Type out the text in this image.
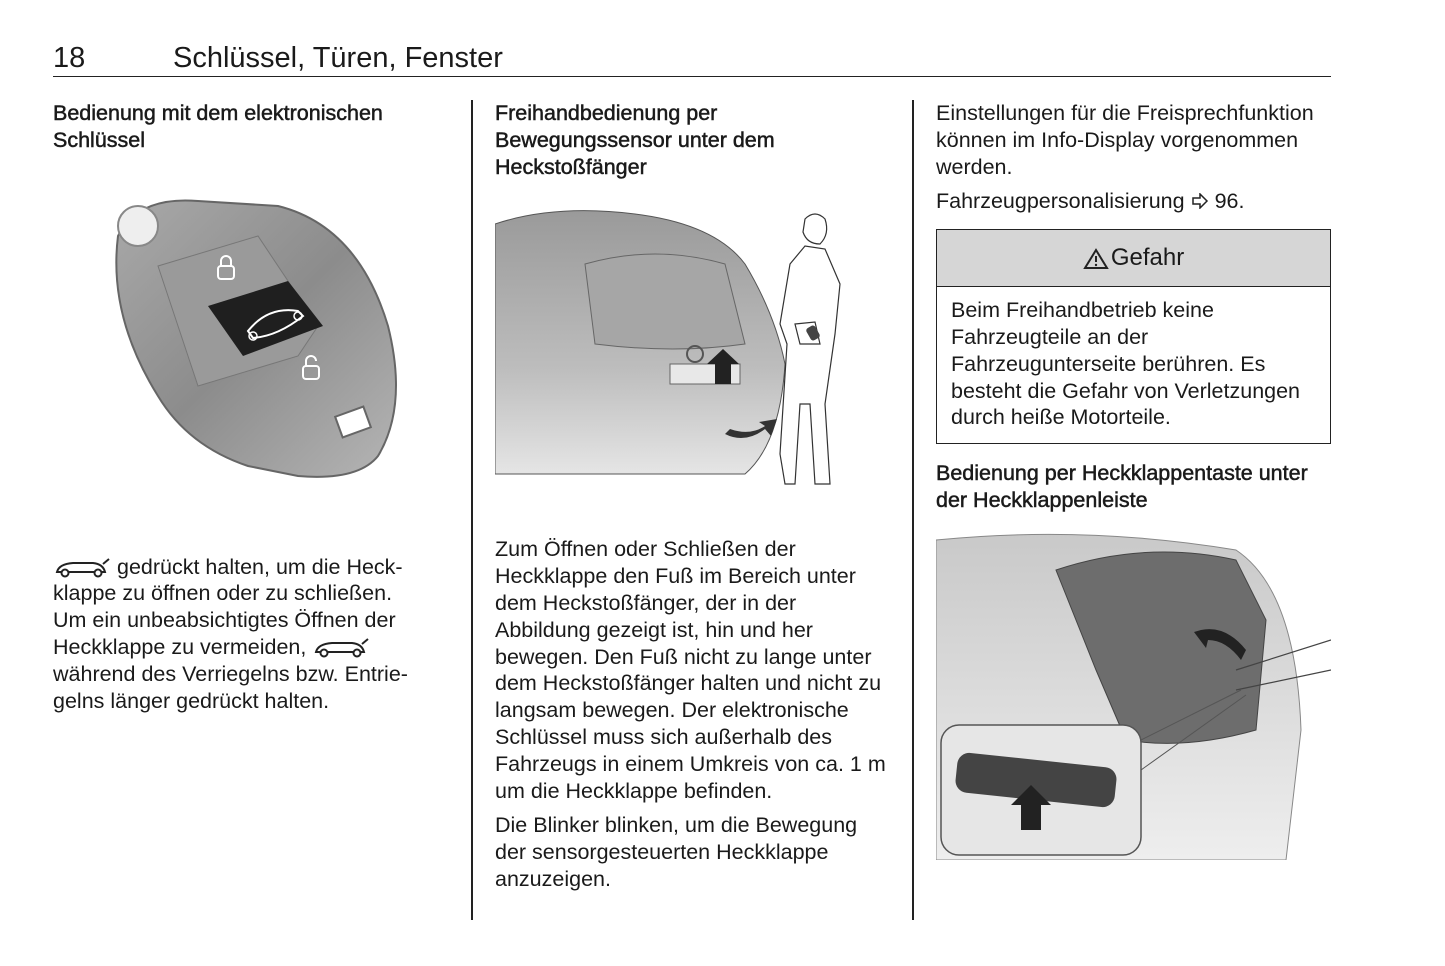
18	Schlüssel, Türen, Fenster
Bedienung mit dem elektronischen Schlüssel

gedrückt halten, um die Heck-
klappe zu öffnen oder zu schließen.
Um ein unbeabsichtigtes Öffnen der
Heckklappe zu vermeiden,
während des Verriegelns bzw. Entrie-
gelns länger gedrückt halten.

Freihandbedienung per Bewegungssensor unter dem Heckstoßfänger

Zum Öffnen oder Schließen der Heckklappe den Fuß im Bereich unter dem Heckstoßfänger, der in der Abbildung gezeigt ist, hin und her bewegen. Den Fuß nicht zu lange unter dem Heckstoßfänger halten und nicht zu langsam bewegen. Der elektronische Schlüssel muss sich außerhalb des Fahrzeugs in einem Umkreis von ca. 1 m um die Heckklappe befinden.

Die Blinker blinken, um die Bewegung der sensorgesteuerten Heckklappe anzuzeigen.

Einstellungen für die Freisprechfunktion können im Info-Display vorgenommen werden.

Fahrzeugpersonalisierung 96.

Gefahr
Beim Freihandbetrieb keine Fahrzeugteile an der Fahrzeugunterseite berühren. Es besteht die Gefahr von Verletzungen durch heiße Motorteile.
Bedienung per Heckklappentaste unter der Heckklappenleiste
